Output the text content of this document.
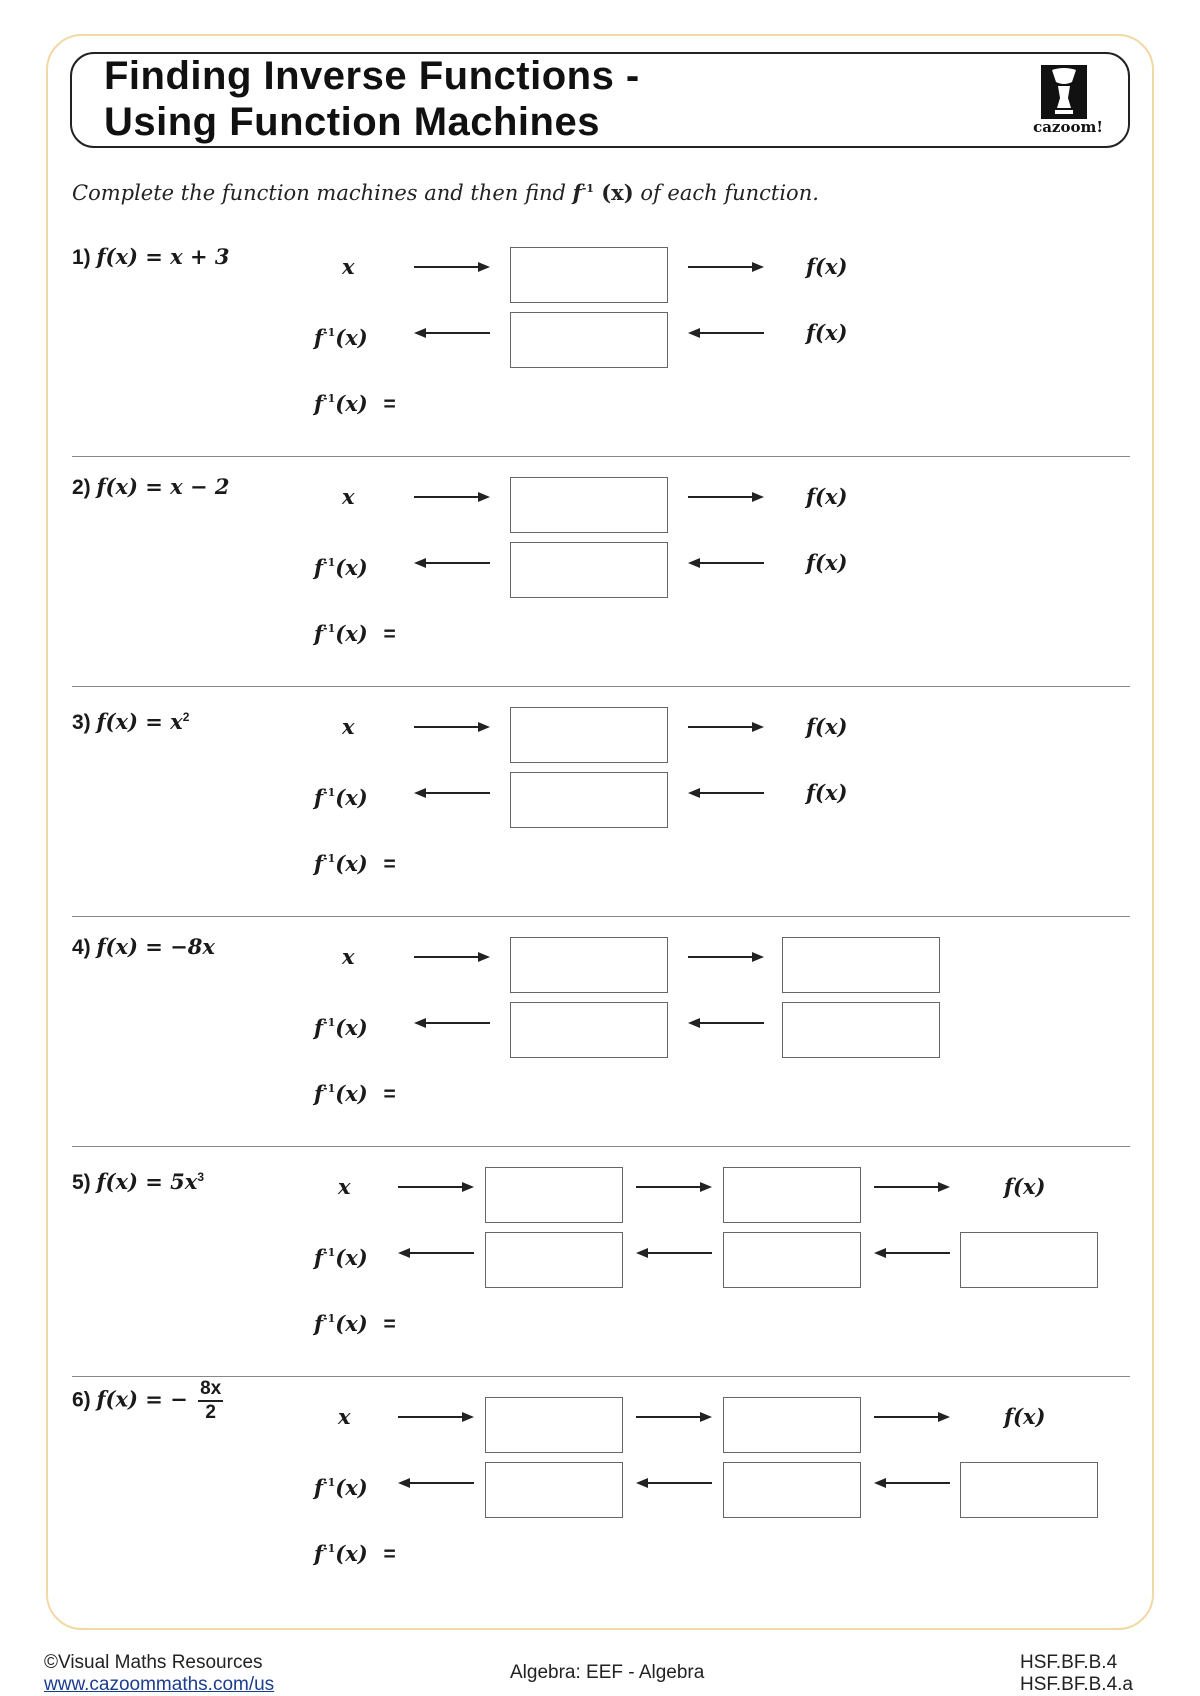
Finding Inverse Functions -
Using Function Machines	cazoom!
Complete the function machines and then find $f^{-1}$ (x) of each function.
1) f(x) = x + 3	x
$f^{-1}(x)$
$f^{-1}(x)$ =
f(x)
f(x)
2) f(x) = x − 2	x
$f^{-1}(x)$
$f^{-1}(x)$ =
f(x)
f(x)
3) $f(x) = x^2$	x
$f^{-1}(x)$
$f^{-1}(x)$ =
f(x)
f(x)
4) f(x) = −8x	x
$f^{-1}(x)$
$f^{-1}(x)$ =
5) $f(x) = 5x^3$	x
$f^{-1}(x)$
$f^{-1}(x)$ =
f(x)
6) f(x) = − $\frac{8x}{2}$	x
$f^{-1}(x)$
$f^{-1}(x)$ =
f(x)
©Visual Maths Resources
www.cazoommaths.com/us
Algebra: EEF - Algebra	HSF.BF.B.4
HSF.BF.B.4.a
